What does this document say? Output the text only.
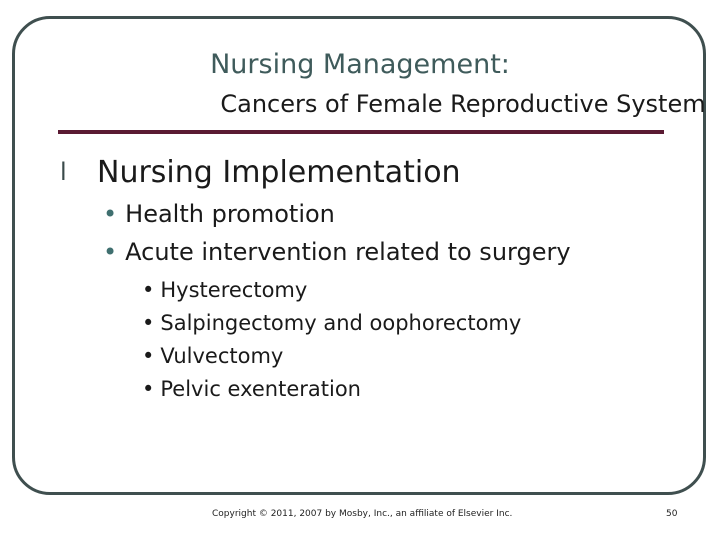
Nursing Management:
Cancers of Female Reproductive System
l Nursing Implementation
• Health promotion
• Acute intervention related to surgery
• Hysterectomy
• Salpingectomy and oophorectomy
• Vulvectomy
• Pelvic exenteration
Copyright © 2011, 2007 by Mosby, Inc., an affiliate of Elsevier Inc.	50
